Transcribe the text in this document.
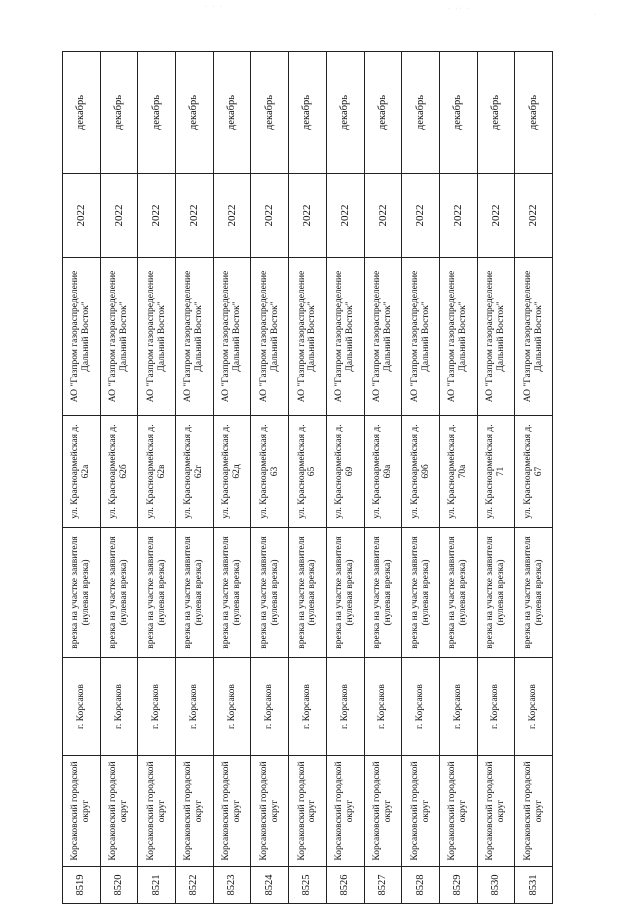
· · ·	· ·· ·
·
8519	Корсаковский городской округ	г. Корсаков	врезка на участке заявителя (нулевая врезка)	ул. Красноармейская д. 62а	АО "Газпром газораспределение Дальний Восток"	2022	декабрь
8520	Корсаковский городской округ	г. Корсаков	врезка на участке заявителя (нулевая врезка)	ул. Красноармейская д. 62б	АО "Газпром газораспределение Дальний Восток"	2022	декабрь
8521	Корсаковский городской округ	г. Корсаков	врезка на участке заявителя (нулевая врезка)	ул. Красноармейская д. 62в	АО "Газпром газораспределение Дальний Восток"	2022	декабрь
8522	Корсаковский городской округ	г. Корсаков	врезка на участке заявителя (нулевая врезка)	ул. Красноармейская д. 62г	АО "Газпром газораспределение Дальний Восток"	2022	декабрь
8523	Корсаковский городской округ	г. Корсаков	врезка на участке заявителя (нулевая врезка)	ул. Красноармейская д. 62д	АО "Газпром газораспределение Дальний Восток"	2022	декабрь
8524	Корсаковский городской округ	г. Корсаков	врезка на участке заявителя (нулевая врезка)	ул. Красноармейская д. 63	АО "Газпром газораспределение Дальний Восток"	2022	декабрь
8525	Корсаковский городской округ	г. Корсаков	врезка на участке заявителя (нулевая врезка)	ул. Красноармейская д. 65	АО "Газпром газораспределение Дальний Восток"	2022	декабрь
8526	Корсаковский городской округ	г. Корсаков	врезка на участке заявителя (нулевая врезка)	ул. Красноармейская д. 69	АО "Газпром газораспределение Дальний Восток"	2022	декабрь
8527	Корсаковский городской округ	г. Корсаков	врезка на участке заявителя (нулевая врезка)	ул. Красноармейская д. 69а	АО "Газпром газораспределение Дальний Восток"	2022	декабрь
8528	Корсаковский городской округ	г. Корсаков	врезка на участке заявителя (нулевая врезка)	ул. Красноармейская д. 69б	АО "Газпром газораспределение Дальний Восток"	2022	декабрь
8529	Корсаковский городской округ	г. Корсаков	врезка на участке заявителя (нулевая врезка)	ул. Красноармейская д. 70а	АО "Газпром газораспределение Дальний Восток"	2022	декабрь
8530	Корсаковский городской округ	г. Корсаков	врезка на участке заявителя (нулевая врезка)	ул. Красноармейская д. 71	АО "Газпром газораспределение Дальний Восток"	2022	декабрь
8531	Корсаковский городской округ	г. Корсаков	врезка на участке заявителя (нулевая врезка)	ул. Красноармейская д. 67	АО "Газпром газораспределение Дальний Восток"	2022	декабрь
